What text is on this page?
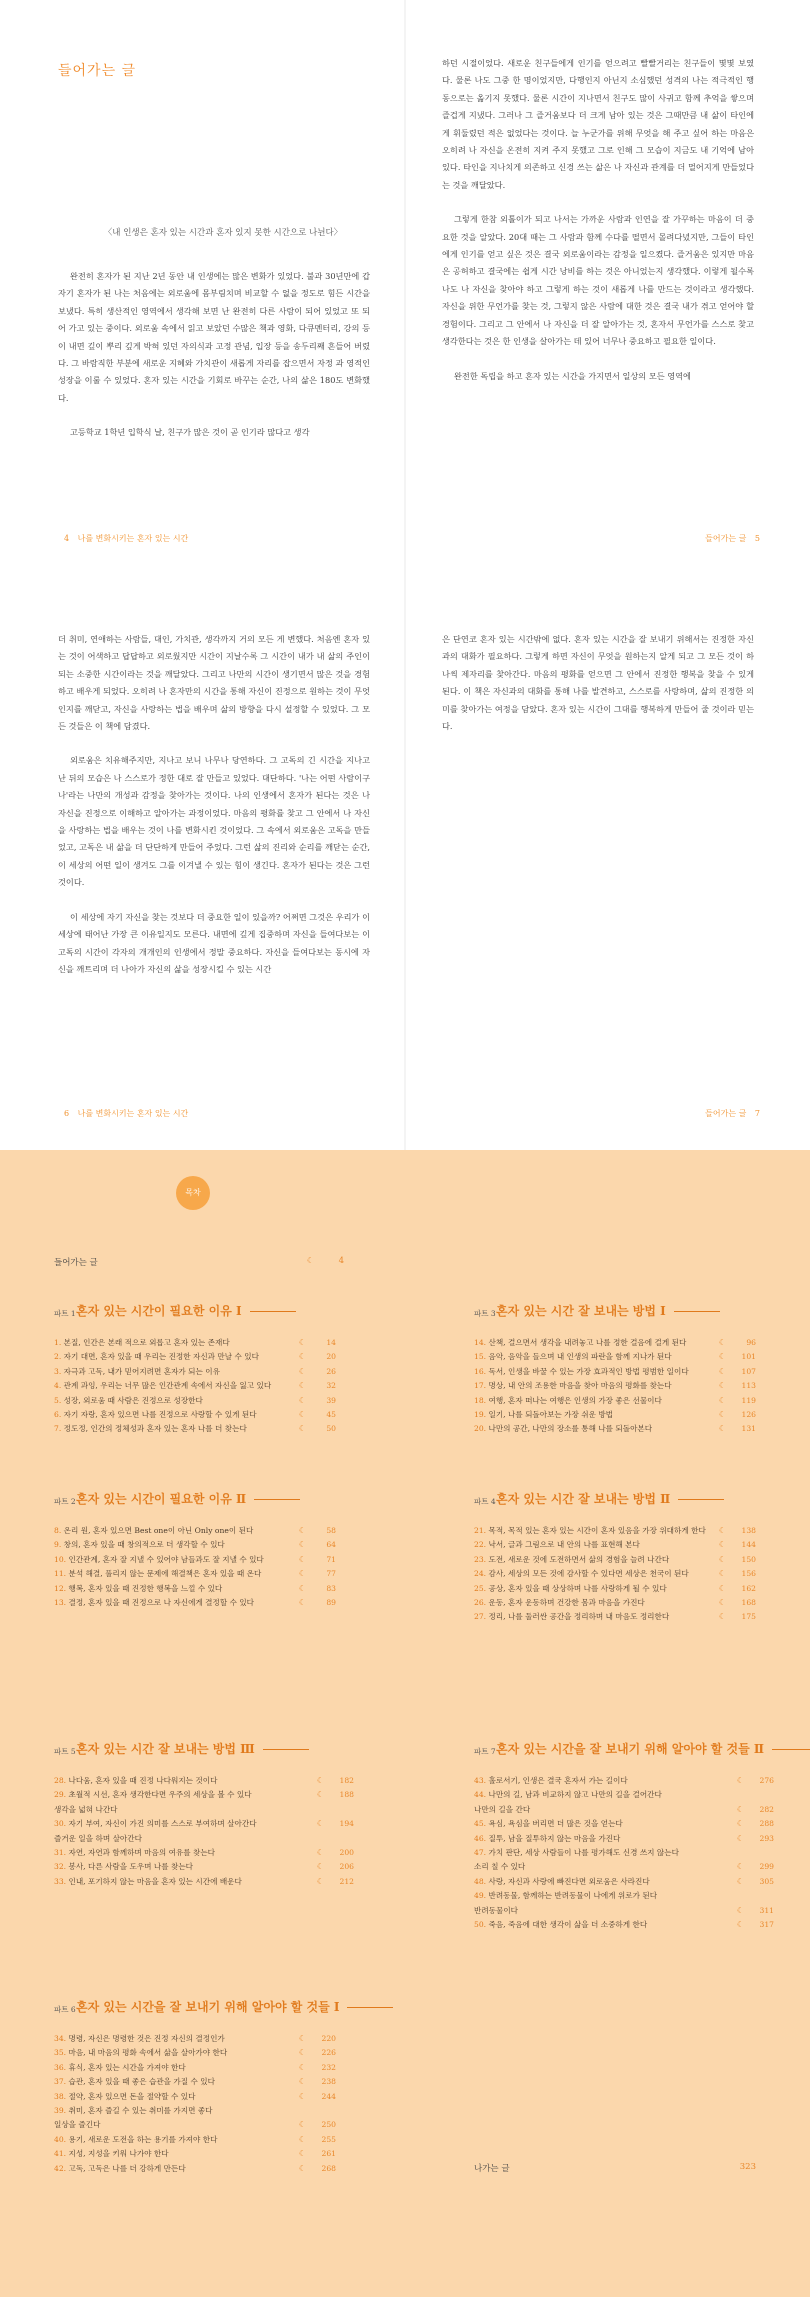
들어가는 글
〈내 인생은 혼자 있는 시간과 혼자 있지 못한 시간으로 나뉜다〉

완전히 혼자가 된 지난 2년 동안 내 인생에는 많은 변화가 있었다. 불과 30년만에 갑자기 혼자가 된 나는 처음에는 외로움에 몸부림치며 비교할 수 없을 정도로 힘든 시간을 보냈다. 특히 생산적인 영역에서 생각해 보면 난 완전히 다른 사람이 되어 있었고 또 되어 가고 있는 중이다. 외로움 속에서 읽고 보았던 수많은 책과 영화, 다큐멘터리, 강의 등이 내면 깊이 뿌리 깊게 박혀 있던 자의식과 고정 관념, 입장 등을 송두리째 흔들어 버렸다. 그 바람직한 부분에 새로운 지혜와 가치관이 새롭게 자리를 잡으면서 자정 과 영적인 성장을 이룰 수 있었다. 혼자 있는 시간을 기회로 바꾸는 순간, 나의 삶은 180도 변화했다.

고등학교 1학년 입학식 날, 친구가 많은 것이 곧 인기라 많다고 생각

4 나를 변화시키는 혼자 있는 시간

하던 시절이었다. 새로운 친구들에게 인기를 얻으려고 빨빨거리는 친구들이 몇몇 보였다. 물론 나도 그중 한 명이었지만, 다행인지 아닌지 소심했던 성격의 나는 적극적인 행동으로는 옮기지 못했다. 물론 시간이 지나면서 친구도 많이 사귀고 함께 추억을 쌓으며 즐겁게 지냈다. 그러나 그 즐거움보다 더 크게 남아 있는 것은 그때만큼 내 삶이 타인에게 휘둘렸던 적은 없었다는 것이다. 늘 누군가를 위해 무엇을 해 주고 싶어 하는 마음은 오히려 나 자신을 온전히 지켜 주지 못했고 그로 인해 그 모습이 지금도 내 기억에 남아 있다. 타인을 지나치게 의존하고 신경 쓰는 삶은 나 자신과 관계를 더 멀어지게 만들었다는 것을 깨달았다.

그렇게 한참 외톨이가 되고 나서는 가까운 사람과 인연을 잘 가꾸하는 마음이 더 중요한 것을 알았다. 20대 때는 그 사람과 함께 수다를 떨면서 몰려다녔지만, 그들이 타인에게 인기를 얻고 싶은 것은 결국 외로움이라는 감정을 일으켰다. 즐거움은 있지만 마음은 공허하고 결국에는 쉽게 시간 낭비를 하는 것은 아니었는지 생각했다. 이렇게 될수록 나도 나 자신을 찾아야 하고 그렇게 하는 것이 새롭게 나를 만드는 것이라고 생각했다. 자신을 위한 무언가를 찾는 것, 그렇지 않은 사람에 대한 것은 결국 내가 겪고 얻어야 할 경험이다. 그리고 그 안에서 나 자신을 더 잘 알아가는 것, 혼자서 무언가를 스스로 찾고 생각한다는 것은 한 인생을 살아가는 데 있어 너무나 중요하고 필요한 일이다.

완전한 독립을 하고 혼자 있는 시간을 가지면서 일상의 모든 영역에

들어가는 글 5

더 취미, 연애하는 사람들, 대인, 가치관, 생각까지 거의 모든 게 변했다. 처음엔 혼자 있는 것이 어색하고 답답하고 외로웠지만 시간이 지날수록 그 시간이 내가 내 삶의 주인이 되는 소중한 시간이라는 것을 깨달았다. 그리고 나만의 시간이 생기면서 많은 것을 경험하고 배우게 되었다. 오히려 나 혼자만의 시간을 통해 자신이 진정으로 원하는 것이 무엇인지를 깨닫고, 자신을 사랑하는 법을 배우며 삶의 방향을 다시 설정할 수 있었다. 그 모든 것들은 이 책에 담겼다.

외로움은 치유해주지만, 지나고 보니 나무나 당연하다. 그 고독의 긴 시간을 지나고 난 뒤의 모습은 나 스스로가 정한 대로 잘 만들고 있었다. 대단하다. '나는 어떤 사람이구나'라는 나만의 개성과 감정을 찾아가는 것이다. 나의 인생에서 혼자가 된다는 것은 나 자신을 진정으로 이해하고 알아가는 과정이었다. 마음의 평화를 찾고 그 안에서 나 자신을 사랑하는 법을 배우는 것이 나를 변화시킨 것이었다. 그 속에서 외로움은 고독을 만들었고, 고독은 내 삶을 더 단단하게 만들어 주었다. 그런 삶의 진리와 순리를 깨닫는 순간, 이 세상의 어떤 일이 생겨도 그를 이겨낼 수 있는 힘이 생긴다. 혼자가 된다는 것은 그런 것이다.

이 세상에 자기 자신을 찾는 것보다 더 중요한 일이 있을까? 어쩌면 그것은 우리가 이 세상에 태어난 가장 큰 이유일지도 모른다. 내면에 깊게 집중하며 자신을 들여다보는 이 고독의 시간이 각자의 개개인의 인생에서 정말 중요하다. 자신을 들여다보는 동시에 자신을 깨트리며 더 나아가 자신의 삶을 성장시킬 수 있는 시간

6 나를 변화시키는 혼자 있는 시간

은 단연코 혼자 있는 시간밖에 없다. 혼자 있는 시간을 잘 보내기 위해서는 진정한 자신과의 대화가 필요하다. 그렇게 하면 자신이 무엇을 원하는지 알게 되고 그 모든 것이 하나씩 제자리를 찾아간다. 마음의 평화를 얻으면 그 안에서 진정한 행복을 찾을 수 있게 된다. 이 책은 자신과의 대화를 통해 나를 발견하고, 스스로를 사랑하며, 삶의 진정한 의미를 찾아가는 여정을 담았다. 혼자 있는 시간이 그대를 행복하게 만들어 줄 것이라 믿는다.

들어가는 글 7
목차
들어가는 글	☾	4
파트 1 혼자 있는 시간이 필요한 이유 Ⅰ
1. 본질, 인간은 본래 적으로 외롭고 혼자 있는 존재다	☾	14
2. 자기 대면, 혼자 있을 때 우리는 진정한 자신과 만날 수 있다	☾	20
3. 자극과 고독, 내가 믿어지려면 혼자가 되는 이유	☾	26
4. 관계 과잉, 우리는 너무 많은 인간관계 속에서 자신을 잃고 있다	☾	32
5. 성장, 외로움 때 사람은 진정으로 성장한다	☾	39
6. 자기 자랑, 혼자 있으면 나를 진정으로 사랑할 수 있게 된다	☾	45
7. 정도정, 인간의 정체성과 혼자 있는 혼자 나를 더 찾는다	☾	50
파트 2 혼자 있는 시간이 필요한 이유 Ⅱ
8. 온리 원, 혼자 있으면 Best one이 아닌 Only one이 된다	☾	58
9. 창의, 혼자 있을 때 창의적으로 더 생각할 수 있다	☾	64
10. 인간관계, 혼자 잘 지낼 수 있어야 남들과도 잘 지낼 수 있다	☾	71
11. 분석 해결, 풀리지 않는 문제에 해결책은 혼자 있을 때 온다	☾	77
12. 행복, 혼자 있을 때 진정한 행복을 느낄 수 있다	☾	83
13. 결정, 혼자 있을 때 진정으로 나 자신에게 결정할 수 있다	☾	89
파트 3 혼자 있는 시간 잘 보내는 방법 Ⅰ
14. 산책, 걸으면서 생각을 내려놓고 나를 정한 걸음에 걸게 된다	☾	96
15. 음악, 음악을 들으며 내 인생의 파란을 함께 지나가 된다	☾ 101
16. 독서, 인생을 바꿀 수 있는 가장 효과적인 방법 평범한 일이다	☾ 107
17. 명상, 내 안의 조용한 마음을 찾아 마음의 평화를 찾는다	☾ 113
18. 여행, 혼자 떠나는 여행은 인생의 가장 좋은 선물이다	☾ 119
19. 일기, 나를 되돌아보는 가장 쉬운 방법	☾ 126
20. 나만의 공간, 나만의 장소를 통해 나를 되돌아본다	☾ 131
파트 4 혼자 있는 시간 잘 보내는 방법 Ⅱ
21. 목적, 목적 있는 혼자 있는 시간이 혼자 있음을 가장 위대하게 한다 ☾ 138
22. 낙서, 글과 그림으로 내 안의 나를 표현해 본다	☾ 144
23. 도전, 새로운 것에 도전하면서 삶의 경험을 늘려 나간다	☾ 150
24. 감사, 세상의 모든 것에 감사할 수 있다면 세상은 천국이 된다	☾ 156
25. 공상, 혼자 있을 때 상상하며 나를 사랑하게 될 수 있다	☾ 162
26. 운동, 혼자 운동하며 건강한 몸과 마음을 가진다	☾ 168
27. 정리, 나를 둘러싼 공간을 정리하며 내 마음도 정리한다	☾ 175
파트 5 혼자 있는 시간 잘 보내는 방법 Ⅲ
28. 나다움, 혼자 있을 때 진정 나다워지는 것이다	☾ 182
29. 초월적 시선, 혼자 생각한다면 우주의 세상을 볼 수 있다	☾ 188
생각을 넓혀 나간다
30. 자기 부여, 자신이 가진 의미를 스스로 부여하며 살아간다	☾ 194
즐거운 일을 하며 살아간다
31. 자연, 자연과 함께하며 마음의 여유를 찾는다	☾ 200
32. 봉사, 다른 사람을 도우며 나를 찾는다	☾ 206
33. 인내, 포기하지 않는 마음을 혼자 있는 시간에 배운다	☾ 212
파트 6 혼자 있는 시간을 잘 보내기 위해 알아야 할 것들 Ⅰ
34. 명령, 자신은 명령한 것은 진정 자신의 결정인가	☾ 220
35. 마음, 내 마음의 평화 속에서 삶을 살아가야 한다	☾ 226
36. 휴식, 혼자 있는 시간을 가져야 한다	☾ 232
37. 습관, 혼자 있을 때 좋은 습관을 가질 수 있다	☾ 238
38. 절약, 혼자 있으면 돈을 절약할 수 있다	☾ 244
39. 취미, 혼자 즐길 수 있는 취미를 가지면 좋다
일상을 즐긴다	☾ 250
40. 용기, 새로운 도전을 하는 용기를 가져야 한다	☾ 255
41. 지성, 지성을 키워 나가야 한다	☾ 261
42. 고독, 고독은 나를 더 강하게 만든다	☾ 268
파트 7 혼자 있는 시간을 잘 보내기 위해 알아야 할 것들 Ⅱ
43. 홀로서기, 인생은 결국 혼자서 가는 길이다	☾ 276
44. 나만의 길, 남과 비교하지 않고 나만의 길을 걸어간다
나만의 길을 간다	☾ 282
45. 욕심, 욕심을 버리면 더 많은 것을 얻는다	☾ 288
46. 질투, 남을 질투하지 않는 마음을 가진다	☾ 293
47. 가치 판단, 세상 사람들이 나를 평가해도 신경 쓰지 않는다
소리 칠 수 있다	☾ 299
48. 사랑, 자신과 사랑에 빠진다면 외로움은 사라진다	☾ 305
49. 반려동물, 함께하는 반려동물이 나에게 위로가 된다
반려동물이다	☾ 311
50. 죽음, 죽음에 대한 생각이 삶을 더 소중하게 한다	☾ 317
나가는 글	323
